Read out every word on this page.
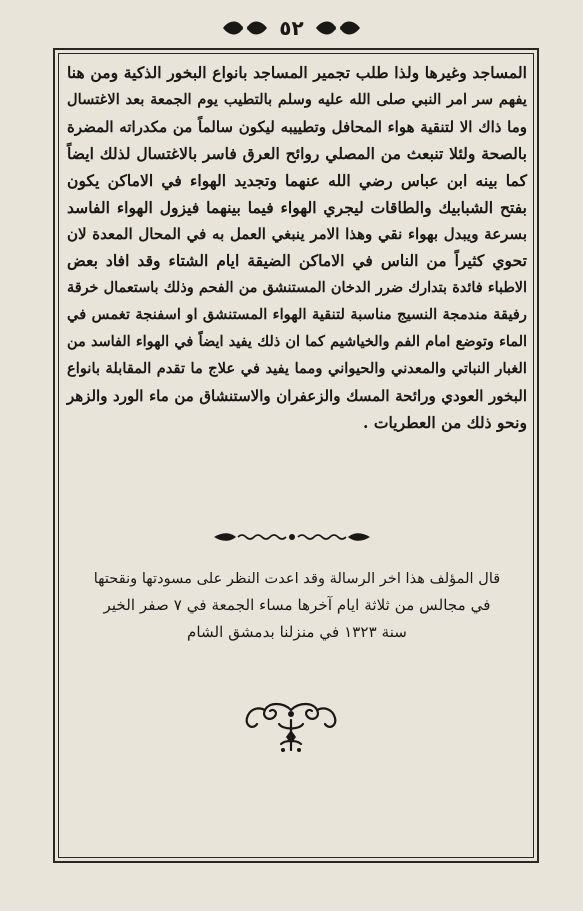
٥٢
المساجد وغيرها ولذا طلب تجمير المساجد بانواع البخور الذكية ومن هنا
يفهم سر امر النبي صلى الله عليه وسلم بالتطيب يوم الجمعة بعد الاغتسال
وما ذاك الا لتنقية هواء المحافل وتطييبه ليكون سالماً من مكدراته المضرة
بالصحة ولئلا تنبعث من المصلي روائح العرق فاسر بالاغتسال لذلك ايضاً
كما بينه ابن عباس رضي الله عنهما وتجديد الهواء في الاماكن يكون
بفتح الشبابيك والطاقات ليجري الهواء فيما بينهما فيزول الهواء الفاسد
بسرعة ويبدل بهواء نقي وهذا الامر ينبغي العمل به في المحال المعدة لان
تحوي كثيراً من الناس في الاماكن الضيقة ايام الشتاء وقد افاد بعض
الاطباء فائدة بتدارك ضرر الدخان المستنشق من الفحم وذلك باستعمال خرقة
رفيقة مندمجة النسيج مناسبة لتنقية الهواء المستنشق او اسفنجة تغمس في
الماء وتوضع امام الفم والخياشيم كما ان ذلك يفيد ايضاً في الهواء الفاسد من
الغبار النباتي والمعدني والحيواني ومما يفيد في علاج ما تقدم المقابلة بانواع
البخور العودي ورائحة المسك والزعفران والاستنشاق من ماء الورد والزهر
ونحو ذلك من العطريات .
قال المؤلف هذا اخر الرسالة وقد اعدت النظر على مسودتها ونقحتها
في مجالس من ثلاثة ايام آخرها مساء الجمعة في ٧ صفر الخير
سنة ١٣٢٣ في منزلنا بدمشق الشام
